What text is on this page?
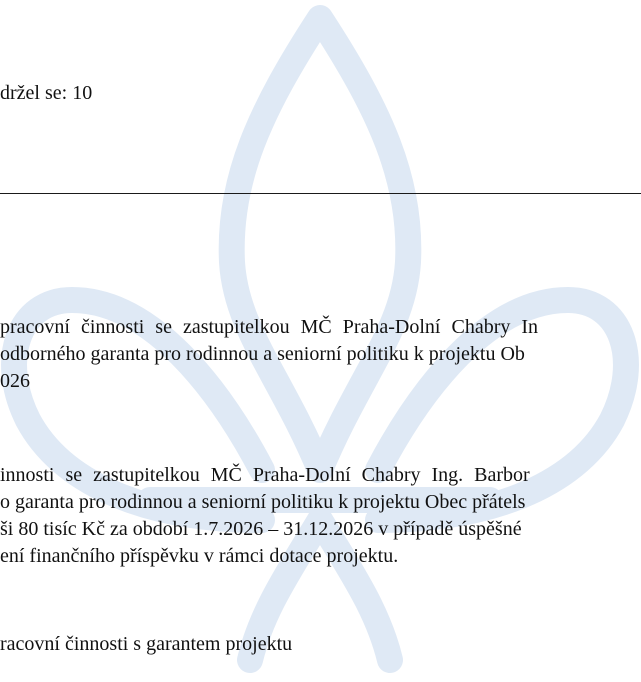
držel se: 10
pracovní činnosti se zastupitelkou MČ Praha-Dolní Chabry In
odborného garanta pro rodinnou a seniorní politiku k projektu Ob
026
innosti se zastupitelkou MČ Praha-Dolní Chabry Ing. Barbor
o garanta pro rodinnou a seniorní politiku k projektu Obec přátels
ši 80 tisíc Kč za období 1.7.2026 – 31.12.2026 v případě úspěšné
ení finančního příspěvku v rámci dotace projektu.
racovní činnosti s garantem projektu
